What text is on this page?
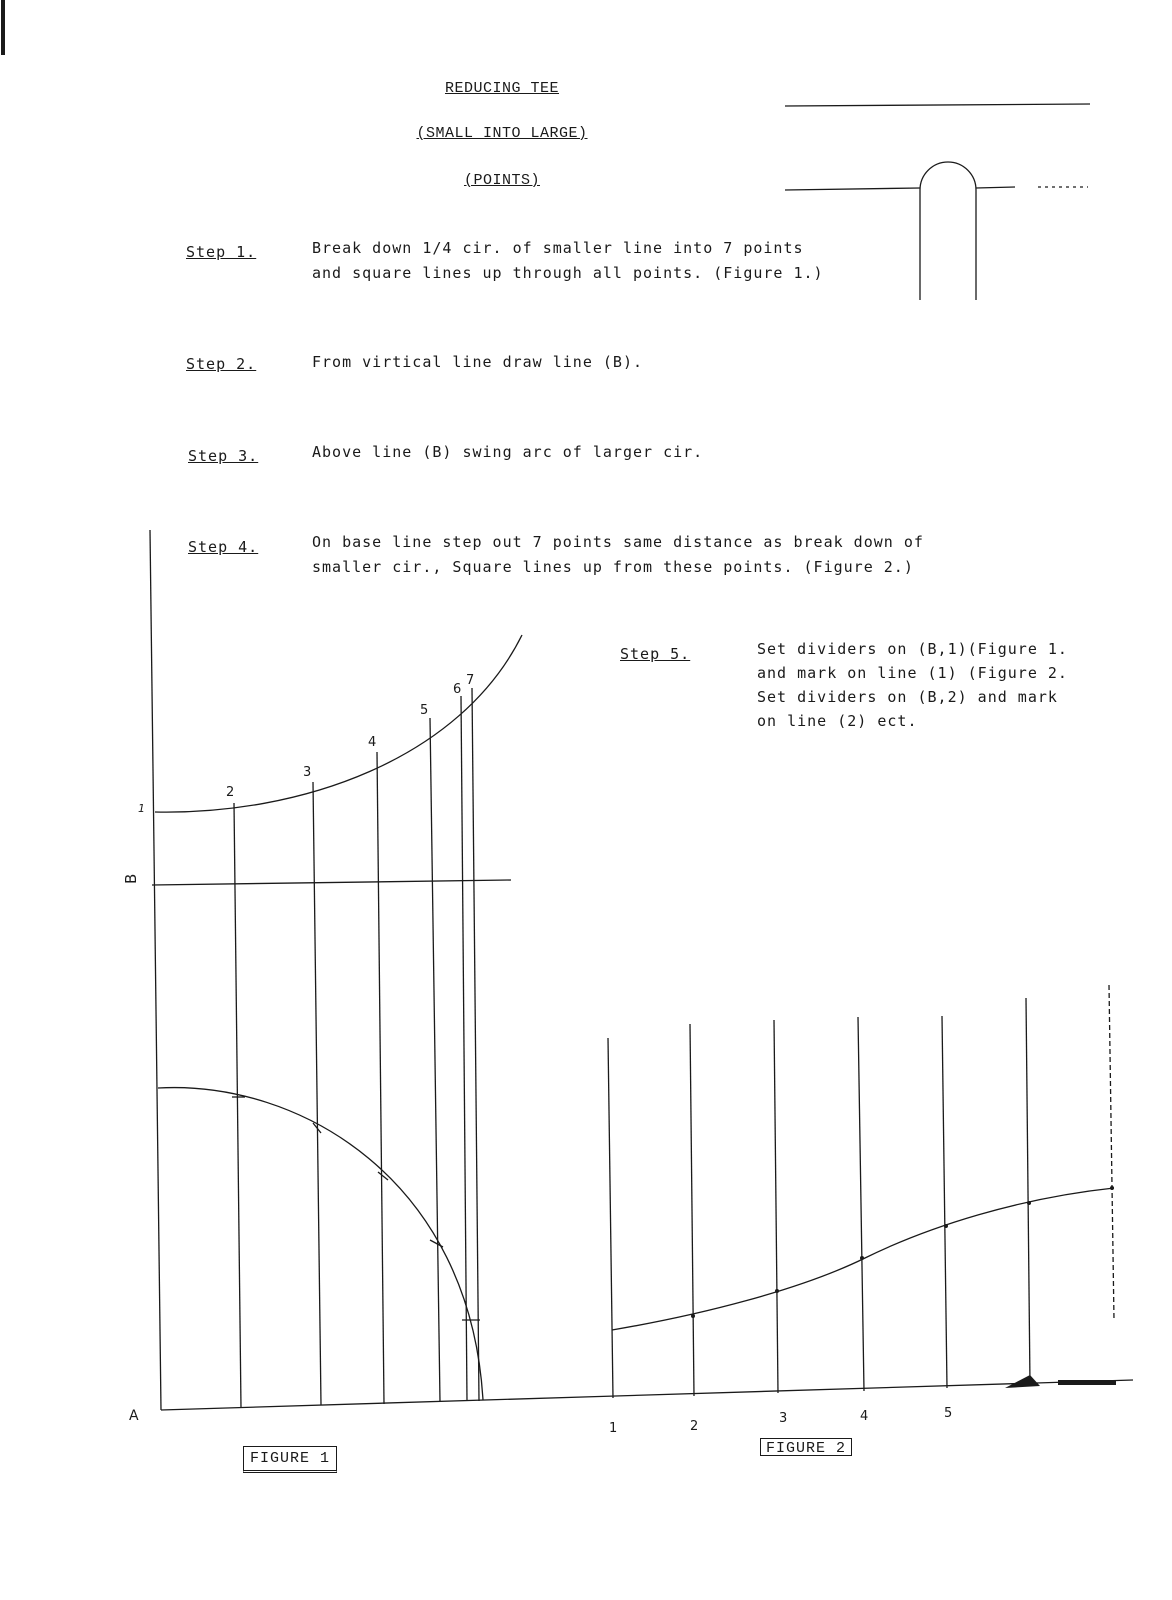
REDUCING TEE
(SMALL INTO LARGE)
(POINTS)
Step 1.	Break down 1/4 cir. of smaller line into 7 points
and square lines up through all points. (Figure 1.)
Step 2.	From virtical line draw line (B).
Step 3.	Above line (B) swing arc of larger cir.
Step 4.	On base line step out 7 points same distance as break down of
smaller cir., Square lines up from these points. (Figure 2.)
Step 5.	Set dividers on (B,1)(Figure 1.
and mark on line (1) (Figure 2.
Set dividers on (B,2) and mark
on line (2) ect.
FIGURE 1
FIGURE 2
B
A
1
2
3
4
5
6
7
1	2
3	4	5
